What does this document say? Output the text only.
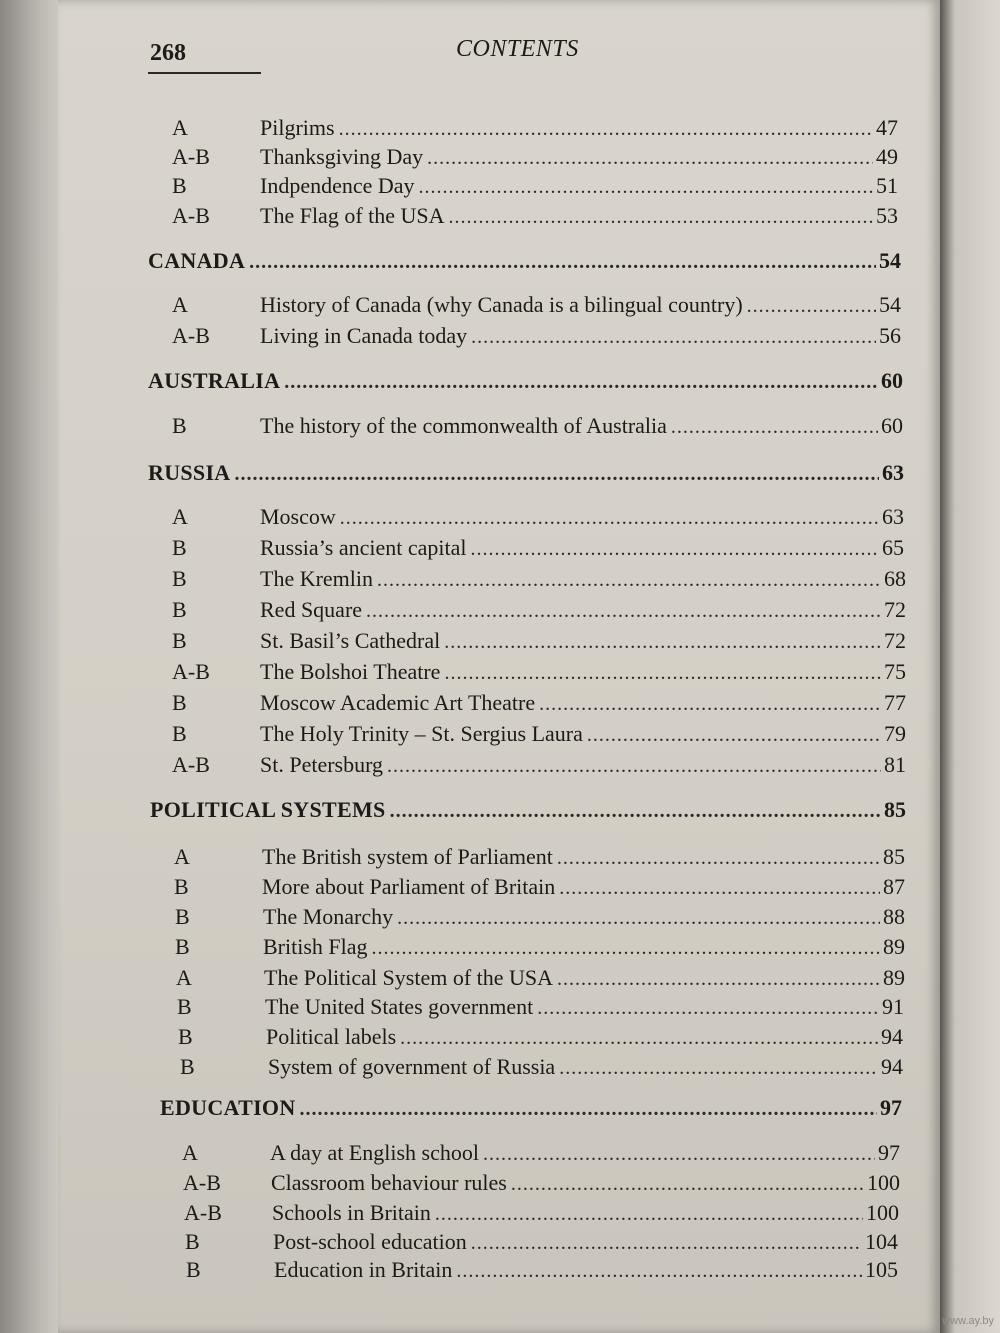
268	CONTENTS
A	Pilgrims .....	47
A-B	Thanksgiving Day .....	49
B	Indpendence Day .....	51
A-B	The Flag of the USA .....	53
CANADA .....	54
A	History of Canada (why Canada is a bilingual country) .....	54
A-B	Living in Canada today .....	56
AUSTRALIA .....	60
B	The history of the commonwealth of Australia .....	60
RUSSIA .....	63
A	Moscow .....	63
B	Russia’s ancient capital .....	65
B	The Kremlin .....	68
B	Red Square .....	72
B	St. Basil’s Cathedral .....	72
A-B	The Bolshoi Theatre .....	75
B	Moscow Academic Art Theatre .....	77
B	The Holy Trinity – St. Sergius Laura .....	79
A-B	St. Petersburg .....	81
POLITICAL SYSTEMS .....	85
A	The British system of Parliament .....	85
B	More about Parliament of Britain .....	87
B	The Monarchy .....	88
B	British Flag .....	89
A	The Political System of the USA .....	89
B	The United States government .....	91
B	Political labels .....	94
B	System of government of Russia .....	94
EDUCATION .....	97
A	A day at English school .....	97
A-B	Classroom behaviour rules .....	100
A-B	Schools in Britain .....	100
B	Post-school education .....	104
B	Education in Britain .....	105
www.ay.by
